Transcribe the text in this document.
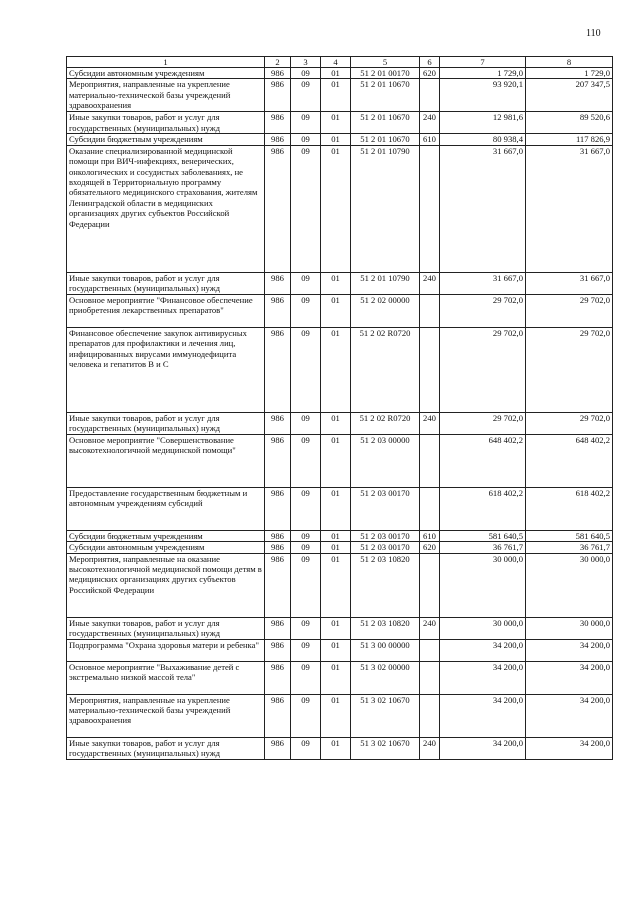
110
1	2	3	4	5	6	7	8
Субсидии автономным учреждениям	986	09	01	51 2 01 00170	620	1 729,0	1 729,0
Мероприятия, направленные на укрепление материально-технической базы учреждений здравоохранения	986	09	01	51 2 01 10670		93 920,1	207 347,5
Иные закупки товаров, работ и услуг для государственных (муниципальных) нужд	986	09	01	51 2 01 10670	240	12 981,6	89 520,6
Субсидии бюджетным учреждениям	986	09	01	51 2 01 10670	610	80 938,4	117 826,9
Оказание специализированной медицинской помощи при ВИЧ-инфекциях, венерических, онкологических и сосудистых заболеваниях, не входящей в Территориальную программу обязательного медицинского страхования, жителям Ленинградской области в медицинских организациях других субъектов Российской Федерации	986	09	01	51 2 01 10790		31 667,0	31 667,0
Иные закупки товаров, работ и услуг для государственных (муниципальных) нужд	986	09	01	51 2 01 10790	240	31 667,0	31 667,0
Основное мероприятие "Финансовое обеспечение приобретения лекарственных препаратов"	986	09	01	51 2 02 00000		29 702,0	29 702,0
Финансовое обеспечение закупок антивирусных препаратов для профилактики и лечения лиц, инфицированных вирусами иммунодефицита человека и гепатитов В и С	986	09	01	51 2 02 R0720		29 702,0	29 702,0
Иные закупки товаров, работ и услуг для государственных (муниципальных) нужд	986	09	01	51 2 02 R0720	240	29 702,0	29 702,0
Основное мероприятие "Совершенствование высокотехнологичной медицинской помощи"	986	09	01	51 2 03 00000		648 402,2	648 402,2
Предоставление государственным бюджетным и автономным учреждениям субсидий	986	09	01	51 2 03 00170		618 402,2	618 402,2
Субсидии бюджетным учреждениям	986	09	01	51 2 03 00170	610	581 640,5	581 640,5
Субсидии автономным учреждениям	986	09	01	51 2 03 00170	620	36 761,7	36 761,7
Мероприятия, направленные на оказание высокотехнологичной медицинской помощи детям в медицинских организациях других субъектов Российской Федерации	986	09	01	51 2 03 10820		30 000,0	30 000,0
Иные закупки товаров, работ и услуг для государственных (муниципальных) нужд	986	09	01	51 2 03 10820	240	30 000,0	30 000,0
Подпрограмма "Охрана здоровья матери и ребенка"	986	09	01	51 3 00 00000		34 200,0	34 200,0
Основное мероприятие "Выхаживание детей с экстремально низкой массой тела"	986	09	01	51 3 02 00000		34 200,0	34 200,0
Мероприятия, направленные на укрепление материально-технической базы учреждений здравоохранения	986	09	01	51 3 02 10670		34 200,0	34 200,0
Иные закупки товаров, работ и услуг для государственных (муниципальных) нужд	986	09	01	51 3 02 10670	240	34 200,0	34 200,0
